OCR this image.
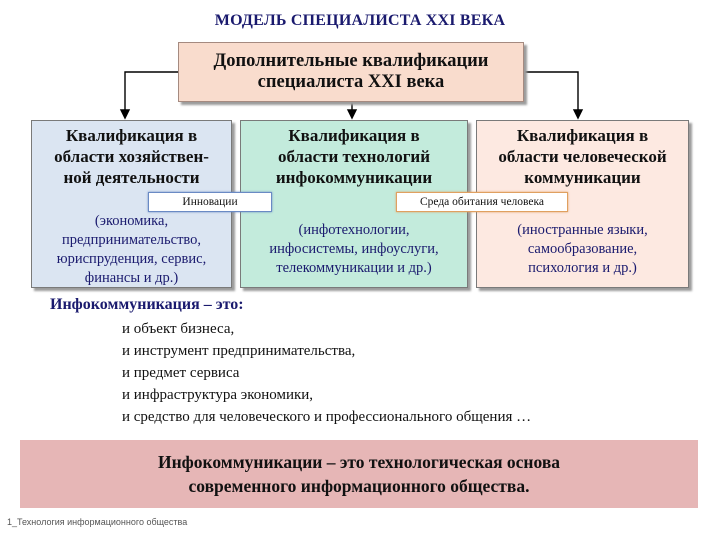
МОДЕЛЬ СПЕЦИАЛИСТА XXI ВЕКА
Дополнительные квалификации
специалиста XXI века
Квалификация в
области хозяйствен-
ной деятельности
(экономика,
предпринимательство,
юриспруденция, сервис,
финансы и др.)
Квалификация в
области технологий
инфокоммуникации
(инфотехнологии,
инфосистемы, инфоуслуги,
телекоммуникации и др.)
Квалификация в
области человеческой
коммуникации
(иностранные языки,
самообразование,
психология и др.)
Инновации	Среда обитания человека
Инфокоммуникация – это:
и объект бизнеса,
и инструмент предпринимательства,
и предмет сервиса
и инфраструктура экономики,
и средство для человеческого и профессионального общения …
Инфокоммуникации – это технологическая основа
современного информационного общества.
1_Технология информационного общества
